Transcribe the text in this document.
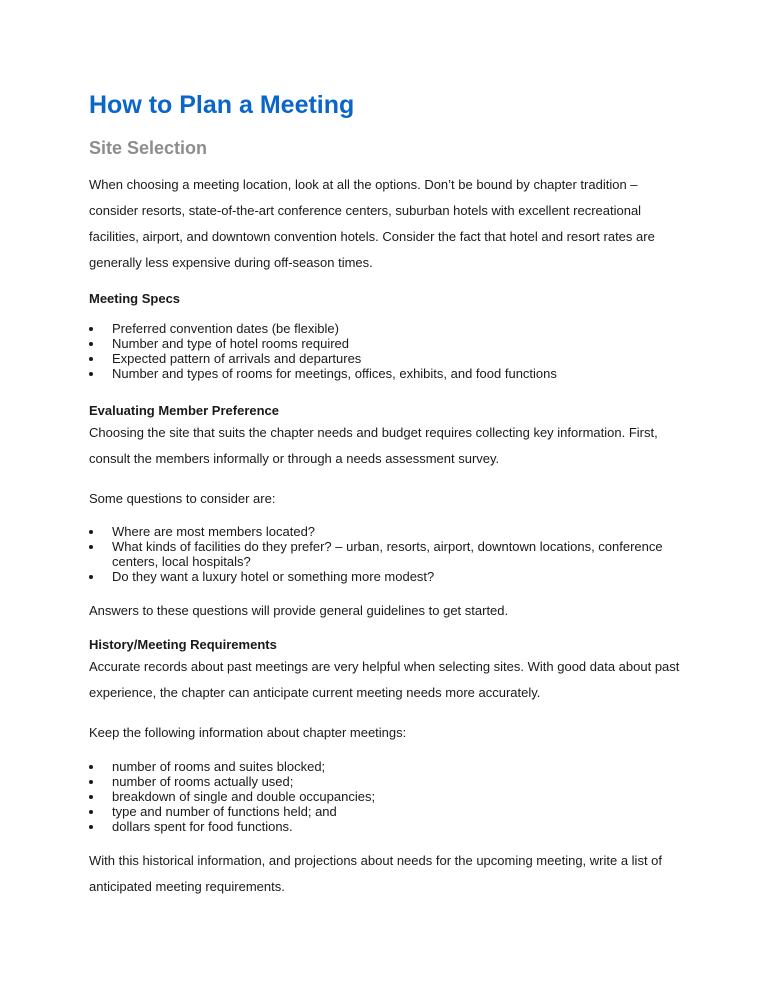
How to Plan a Meeting
Site Selection

When choosing a meeting location, look at all the options. Don’t be bound by chapter tradition – consider resorts, state-of-the-art conference centers, suburban hotels with excellent recreational facilities, airport, and downtown convention hotels. Consider the fact that hotel and resort rates are generally less expensive during off-season times.

Meeting Specs
Preferred convention dates (be flexible)
Number and type of hotel rooms required
Expected pattern of arrivals and departures
Number and types of rooms for meetings, offices, exhibits, and food functions
Evaluating Member Preference

Choosing the site that suits the chapter needs and budget requires collecting key information. First, consult the members informally or through a needs assessment survey.

Some questions to consider are:

Where are most members located?
What kinds of facilities do they prefer? – urban, resorts, airport, downtown locations, conference centers, local hospitals?
Do they want a luxury hotel or something more modest?

Answers to these questions will provide general guidelines to get started.

History/Meeting Requirements

Accurate records about past meetings are very helpful when selecting sites. With good data about past experience, the chapter can anticipate current meeting needs more accurately.

Keep the following information about chapter meetings:

number of rooms and suites blocked;
number of rooms actually used;
breakdown of single and double occupancies;
type and number of functions held; and
dollars spent for food functions.

With this historical information, and projections about needs for the upcoming meeting, write a list of anticipated meeting requirements.
